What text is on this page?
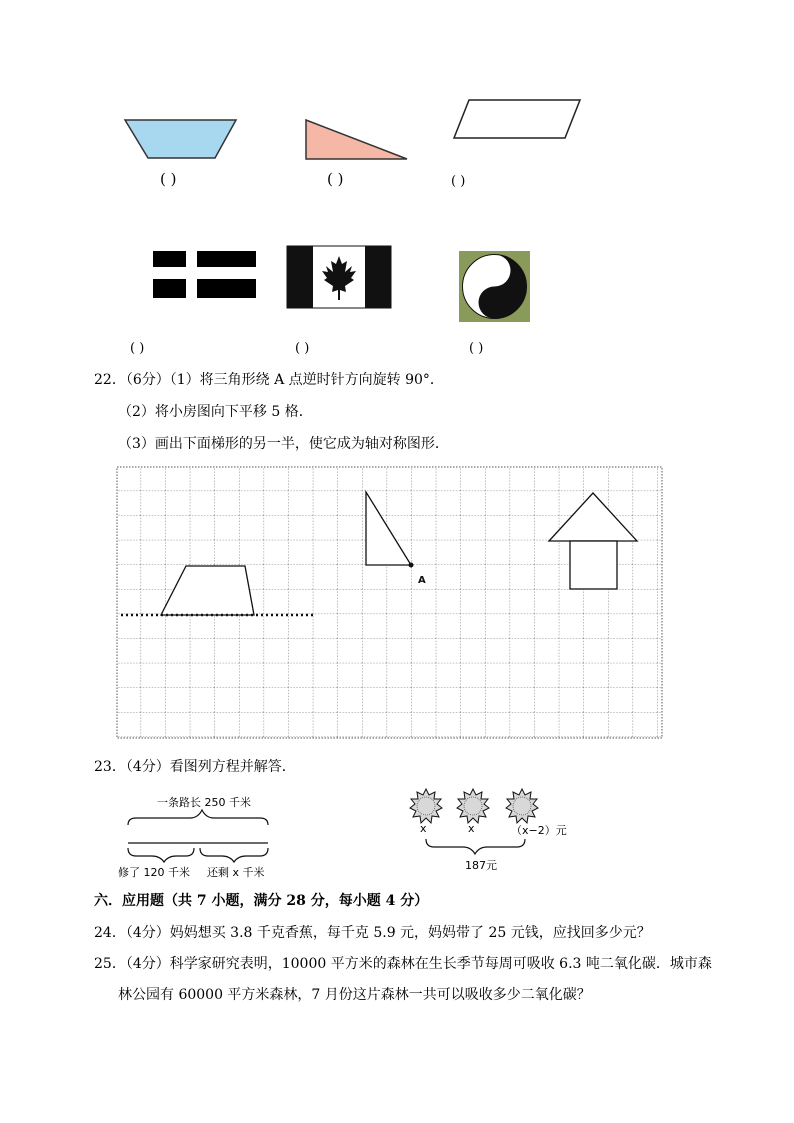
( )	( )	( )
( )	( )	( )
22．（6分）（1）将三角形绕 A 点逆时针方向旋转 90°．
（2）将小房图向下平移 5 格．
（3）画出下面梯形的另一半，使它成为轴对称图形．
A
23．（4分）看图列方程并解答．
一条路长 250 千米
修了 120 千米 还剩 x 千米
x	x	（x−2）元
187元
六．应用题（共 7 小题，满分 28 分，每小题 4 分）
24．（4分）妈妈想买 3.8 千克香蕉，每千克 5.9 元，妈妈带了 25 元钱，应找回多少元？
25．（4分）科学家研究表明，10000 平方米的森林在生长季节每周可吸收 6.3 吨二氧化碳．城市森
林公园有 60000 平方米森林，7 月份这片森林一共可以吸收多少二氧化碳？
